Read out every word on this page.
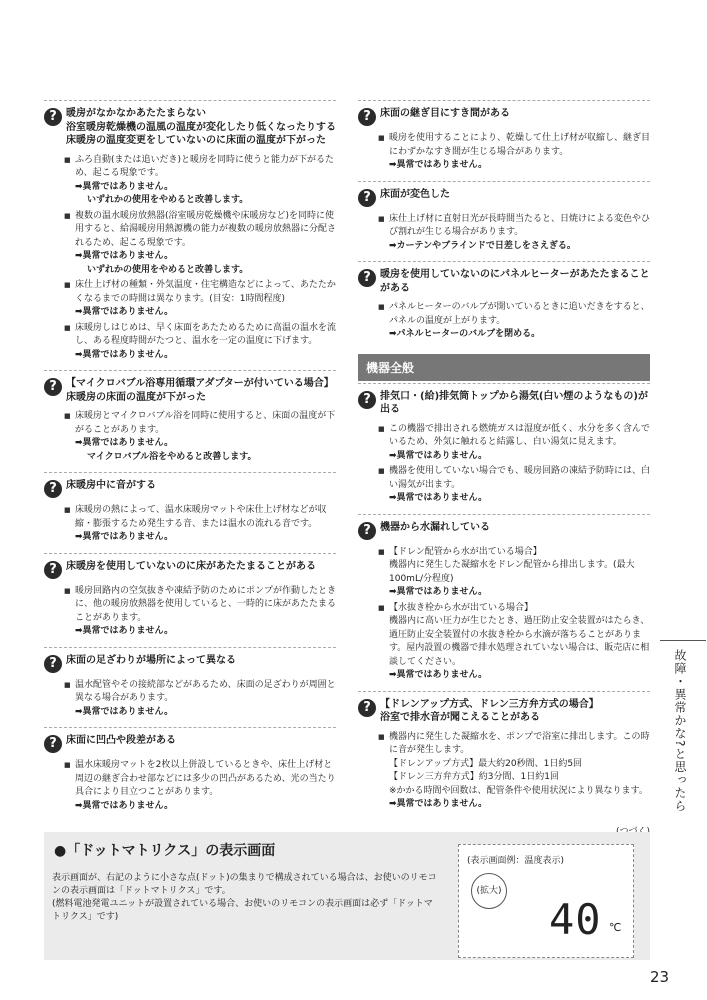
? 暖房がなかなかあたたまらない
浴室暖房乾燥機の温風の温度が変化したり低くなったりする
床暖房の温度変更をしていないのに床面の温度が下がった
■ ふろ自動(または追いだき)と暖房を同時に使うと能力が下がるため、起こる現象です。
➡異常ではありません。
いずれかの使用をやめると改善します。
■ 複数の温水暖房放熱器(浴室暖房乾燥機や床暖房など)を同時に使用すると、給湯暖房用熱源機の能力が複数の暖房放熱器に分配されるため、起こる現象です。
➡異常ではありません。
いずれかの使用をやめると改善します。
■ 床仕上げ材の種類・外気温度・住宅構造などによって、あたたかくなるまでの時間は異なります。(目安：1時間程度)
➡異常ではありません。
■ 床暖房しはじめは、早く床面をあたためるために高温の温水を流し、ある程度時間がたつと、温水を一定の温度に下げます。
➡異常ではありません。
? 【マイクロバブル浴専用循環アダプターが付いている場合】
床暖房の床面の温度が下がった
■ 床暖房とマイクロバブル浴を同時に使用すると、床面の温度が下がることがあります。
➡異常ではありません。
マイクロバブル浴をやめると改善します。
? 床暖房中に音がする
■ 床暖房の熱によって、温水床暖房マットや床仕上げ材などが収縮・膨張するため発生する音、または温水の流れる音です。
➡異常ではありません。
? 床暖房を使用していないのに床があたたまることがある
■ 暖房回路内の空気抜きや凍結予防のためにポンプが作動したときに、他の暖房放熱器を使用していると、一時的に床があたたまることがあります。
➡異常ではありません。
? 床面の足ざわりが場所によって異なる
■ 温水配管やその接続部などがあるため、床面の足ざわりが周囲と異なる場合があります。
➡異常ではありません。
? 床面に凹凸や段差がある
■ 温水床暖房マットを2枚以上併設しているときや、床仕上げ材と周辺の継ぎ合わせ部などには多少の凹凸があるため、光の当たり具合により目立つことがあります。
➡異常ではありません。
? 床面の継ぎ目にすき間がある
■ 暖房を使用することにより、乾燥して仕上げ材が収縮し、継ぎ目にわずかなすき間が生じる場合があります。
➡異常ではありません。
? 床面が変色した
■ 床仕上げ材に直射日光が長時間当たると、日焼けによる変色やひび割れが生じる場合があります。
➡カーテンやブラインドで日差しをさえぎる。
? 暖房を使用していないのにパネルヒーターがあたたまることがある
■ パネルヒーターのバルブが開いているときに追いだきをすると、パネルの温度が上がります。
➡パネルヒーターのバルブを閉める。
機器全般
? 排気口・(給)排気筒トップから湯気(白い煙のようなもの)が出る
■ この機器で排出される燃焼ガスは湿度が低く、水分を多く含んでいるため、外気に触れると結露し、白い湯気に見えます。
➡異常ではありません。
■ 機器を使用していない場合でも、暖房回路の凍結予防時には、白い湯気が出ます。
➡異常ではありません。
? 機器から水漏れしている
■ 【ドレン配管から水が出ている場合】
機器内に発生した凝縮水をドレン配管から排出します。(最大100mL/分程度)
➡異常ではありません。
■ 【水抜き栓から水が出ている場合】
機器内に高い圧力が生じたとき、過圧防止安全装置がはたらき、過圧防止安全装置付の水抜き栓から水滴が落ちることがあります。屋内設置の機器で排水処理されていない場合は、販売店に相談してください。
➡異常ではありません。
? 【ドレンアップ方式、ドレン三方弁方式の場合】
浴室で排水音が聞こえることがある
■ 機器内に発生した凝縮水を、ポンプで浴室に排出します。この時に音が発生します。
【ドレンアップ方式】最大約20秒間、1日約5回
【ドレン三方弁方式】約3分間、1日約1回
※かかる時間や回数は、配管条件や使用状況により異なります。
➡異常ではありません。	故障・異常かな?と思ったら
23
●「ドットマトリクス」の表示画面
表示画面が、右記のように小さな点(ドット)の集まりで構成されている場合は、お使いのリモコンの表示画面は「ドットマトリクス」です。
(燃料電池発電ユニットが設置されている場合、お使いのリモコンの表示画面は必ず「ドットマトリクス」です)
(表示画面例：温度表示)
(拡大)
40 ℃
